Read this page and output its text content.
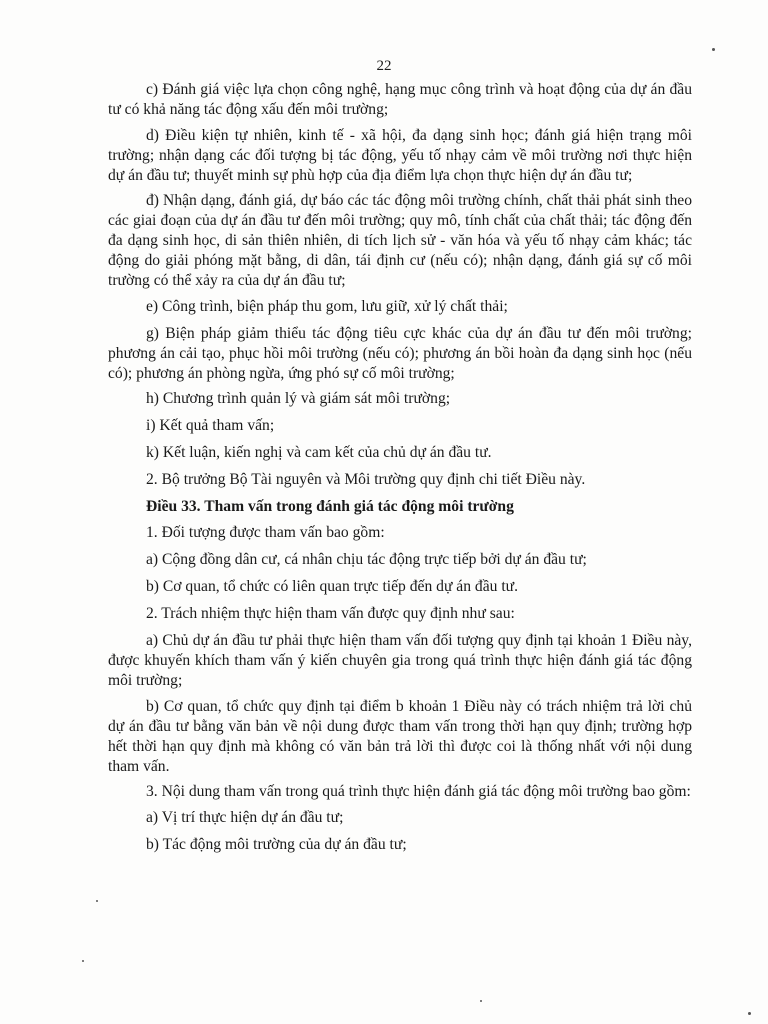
22

c) Đánh giá việc lựa chọn công nghệ, hạng mục công trình và hoạt động của dự án đầu tư có khả năng tác động xấu đến môi trường;

d) Điều kiện tự nhiên, kinh tế - xã hội, đa dạng sinh học; đánh giá hiện trạng môi trường; nhận dạng các đối tượng bị tác động, yếu tố nhạy cảm về môi trường nơi thực hiện dự án đầu tư; thuyết minh sự phù hợp của địa điểm lựa chọn thực hiện dự án đầu tư;

đ) Nhận dạng, đánh giá, dự báo các tác động môi trường chính, chất thải phát sinh theo các giai đoạn của dự án đầu tư đến môi trường; quy mô, tính chất của chất thải; tác động đến đa dạng sinh học, di sản thiên nhiên, di tích lịch sử - văn hóa và yếu tố nhạy cảm khác; tác động do giải phóng mặt bằng, di dân, tái định cư (nếu có); nhận dạng, đánh giá sự cố môi trường có thể xảy ra của dự án đầu tư;

e) Công trình, biện pháp thu gom, lưu giữ, xử lý chất thải;

g) Biện pháp giảm thiểu tác động tiêu cực khác của dự án đầu tư đến môi trường; phương án cải tạo, phục hồi môi trường (nếu có); phương án bồi hoàn đa dạng sinh học (nếu có); phương án phòng ngừa, ứng phó sự cố môi trường;

h) Chương trình quản lý và giám sát môi trường;

i) Kết quả tham vấn;

k) Kết luận, kiến nghị và cam kết của chủ dự án đầu tư.

2. Bộ trưởng Bộ Tài nguyên và Môi trường quy định chi tiết Điều này.

Điều 33. Tham vấn trong đánh giá tác động môi trường

1. Đối tượng được tham vấn bao gồm:

a) Cộng đồng dân cư, cá nhân chịu tác động trực tiếp bởi dự án đầu tư;

b) Cơ quan, tổ chức có liên quan trực tiếp đến dự án đầu tư.

2. Trách nhiệm thực hiện tham vấn được quy định như sau:

a) Chủ dự án đầu tư phải thực hiện tham vấn đối tượng quy định tại khoản 1 Điều này, được khuyến khích tham vấn ý kiến chuyên gia trong quá trình thực hiện đánh giá tác động môi trường;

b) Cơ quan, tổ chức quy định tại điểm b khoản 1 Điều này có trách nhiệm trả lời chủ dự án đầu tư bằng văn bản về nội dung được tham vấn trong thời hạn quy định; trường hợp hết thời hạn quy định mà không có văn bản trả lời thì được coi là thống nhất với nội dung tham vấn.

3. Nội dung tham vấn trong quá trình thực hiện đánh giá tác động môi trường bao gồm:

a) Vị trí thực hiện dự án đầu tư;

b) Tác động môi trường của dự án đầu tư;
